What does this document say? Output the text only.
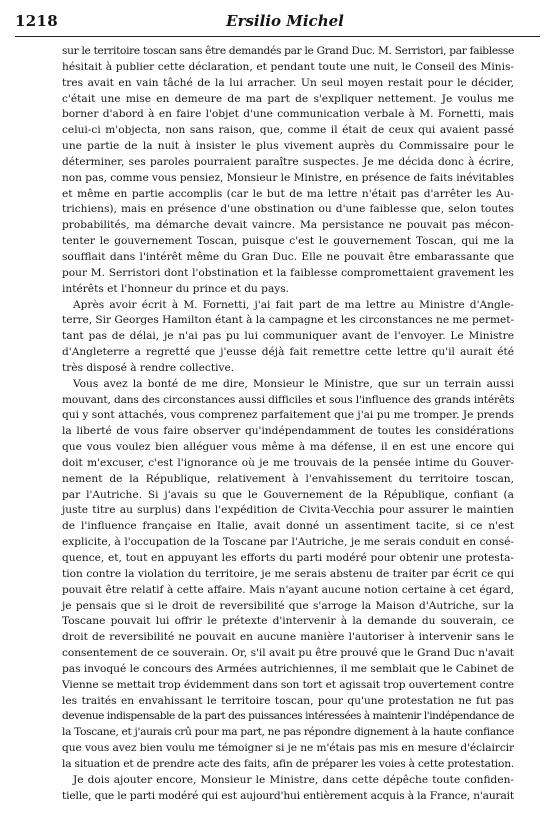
1218	Ersilio Michel

sur le territoire toscan sans être demandés par le Grand Duc. M. Serristori, par faiblesse
hésitait à publier cette déclaration, et pendant toute une nuit, le Conseil des Minis-
tres avait en vain tâché de la lui arracher. Un seul moyen restait pour le décider,
c'était une mise en demeure de ma part de s'expliquer nettement. Je voulus me
borner d'abord à en faire l'objet d'une communication verbale à M. Fornetti, mais
celui-ci m'objecta, non sans raison, que, comme il était de ceux qui avaient passé
une partie de la nuit à insister le plus vivement auprès du Commissaire pour le
déterminer, ses paroles pourraient paraître suspectes. Je me décida donc à écrire,
non pas, comme vous pensiez, Monsieur le Ministre, en présence de faits inévitables
et même en partie accomplis (car le but de ma lettre n'était pas d'arrêter les Au-
trichiens), mais en présence d'une obstination ou d'une faiblesse que, selon toutes
probabilités, ma démarche devait vaincre. Ma persistance ne pouvait pas mécon-
tenter le gouvernement Toscan, puisque c'est le gouvernement Toscan, qui me la
soufflait dans l'intérêt même du Gran Duc. Elle ne pouvait être embarassante que
pour M. Serristori dont l'obstination et la faiblesse compromettaient gravement les
intérêts et l'honneur du prince et du pays.

Après avoir écrit à M. Fornetti, j'ai fait part de ma lettre au Ministre d'Angle-
terre, Sir Georges Hamilton étant à la campagne et les circonstances ne me permet-
tant pas de délai, je n'ai pas pu lui communiquer avant de l'envoyer. Le Ministre
d'Angleterre a regretté que j'eusse déjà fait remettre cette lettre qu'il aurait été
très disposé à rendre collective.

Vous avez la bonté de me dire, Monsieur le Ministre, que sur un terrain aussi
mouvant, dans des circonstances aussi difficiles et sous l'influence des grands intérêts
qui y sont attachés, vous comprenez parfaitement que j'ai pu me tromper. Je prends
la liberté de vous faire observer qu'indépendamment de toutes les considérations
que vous voulez bien alléguer vous même à ma défense, il en est une encore qui
doit m'excuser, c'est l'ignorance où je me trouvais de la pensée intime du Gouver-
nement de la République, relativement à l'envahissement du territoire toscan,
par l'Autriche. Si j'avais su que le Gouvernement de la République, confiant (a
juste titre au surplus) dans l'expédition de Civita-Vecchia pour assurer le maintien
de l'influence française en Italie, avait donné un assentiment tacite, si ce n'est
explicite, à l'occupation de la Toscane par l'Autriche, je me serais conduit en consé-
quence, et, tout en appuyant les efforts du parti modéré pour obtenir une protesta-
tion contre la violation du territoire, je me serais abstenu de traiter par écrit ce qui
pouvait être relatif à cette affaire. Mais n'ayant aucune notion certaine à cet égard,
je pensais que si le droit de reversibilité que s'arroge la Maison d'Autriche, sur la
Toscane pouvait lui offrir le prétexte d'intervenir à la demande du souverain, ce
droit de reversibilité ne pouvait en aucune manière l'autoriser à intervenir sans le
consentement de ce souverain. Or, s'il avait pu être prouvé que le Grand Duc n'avait
pas invoqué le concours des Armées autrichiennes, il me semblait que le Cabinet de
Vienne se mettait trop évidemment dans son tort et agissait trop ouvertement contre
les traités en envahissant le territoire toscan, pour qu'une protestation ne fut pas
devenue indispensable de la part des puissances intéressées à maintenir l'indépendance de
la Toscane, et j'aurais crû pour ma part, ne pas répondre dignement à la haute confiance
que vous avez bien voulu me témoigner si je ne m'étais pas mis en mesure d'éclaircir
la situation et de prendre acte des faits, afin de préparer les voies à cette protestation.

Je dois ajouter encore, Monsieur le Ministre, dans cette dépêche toute confiden-
tielle, que le parti modéré qui est aujourd'hui entièrement acquis à la France, n'aurait
